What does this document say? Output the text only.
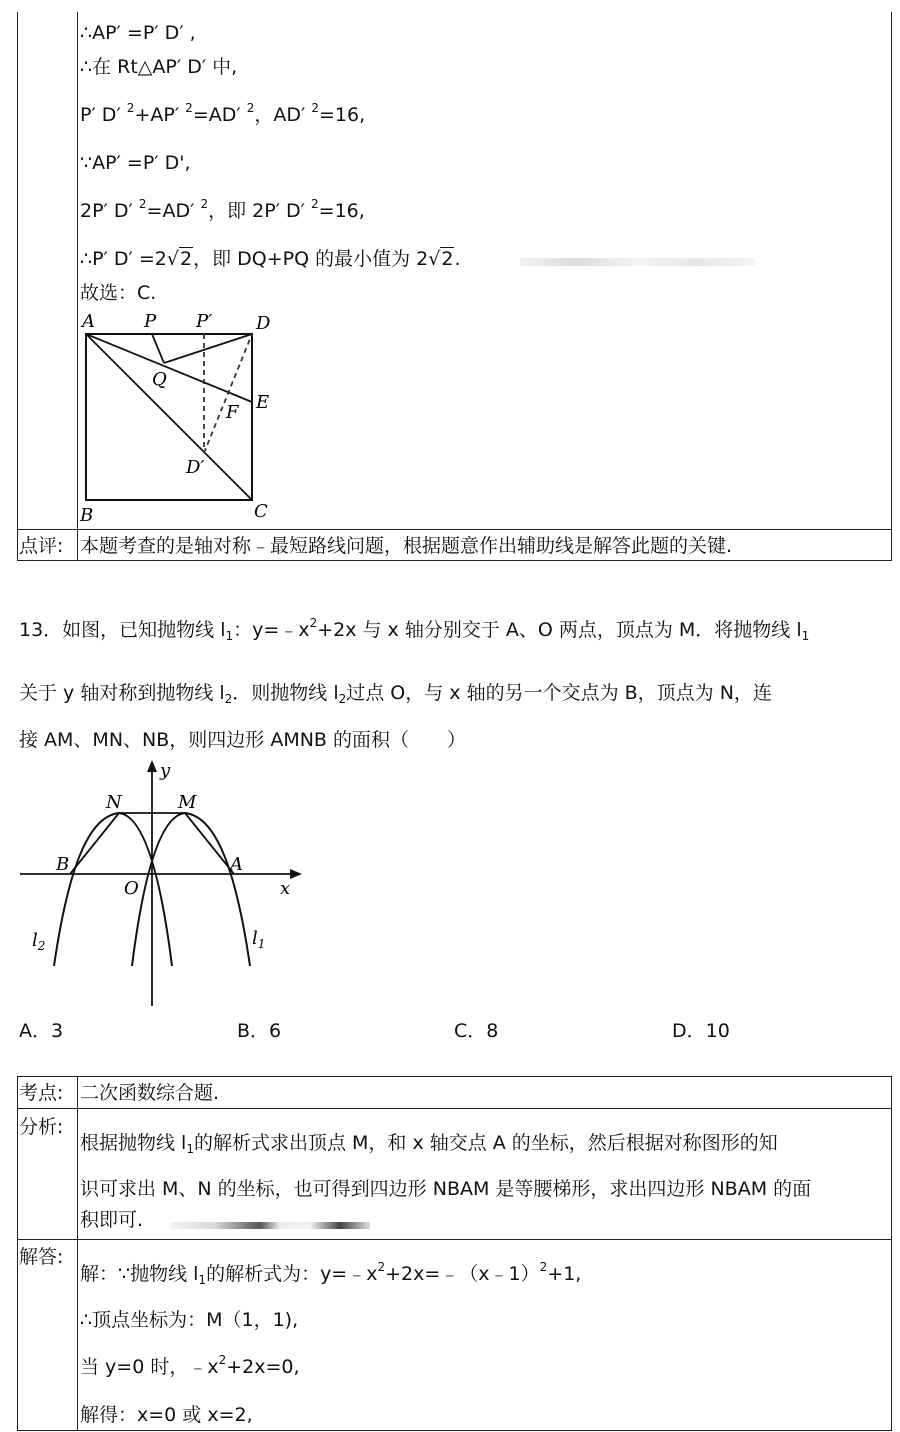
∴AP′ =P′ D′ ,
∴在 Rt△AP′ D′ 中,
P′ D′ $^2$+AP′ $^2$=AD′ $^2$，AD′ $^2$=16,
∵AP′ =P′ D',
2P′ D′ $^2$=AD′ $^2$，即 2P′ D′ $^2$=16,
∴P′ D′ =2√2，即 DQ+PQ 的最小值为 2√2.
故选：C.
A	P P′ D
Q
E
F
D′
B	C
点评: 本题考查的是轴对称﹣最短路线问题，根据题意作出辅助线是解答此题的关键.
13．如图，已知抛物线 $l_1$：$y=﹣x^2+2x$ 与 x 轴分别交于 A、O 两点，顶点为 M．将抛物线 $l_1$
关于 y 轴对称到抛物线 $l_2$．则抛物线 $l_2$过点 O，与 x 轴的另一个交点为 B，顶点为 N，连
接 AM、MN、NB，则四边形 AMNB 的面积（　　）
y
x
N	M
B
O
A
$l_2$	$l_1$
A．3	B．6	C．8	D．10
考点: 二次函数综合题.
分析:
根据抛物线 $l_1$的解析式求出顶点 M，和 x 轴交点 A 的坐标，然后根据对称图形的知
识可求出 M、N 的坐标，也可得到四边形 NBAM 是等腰梯形，求出四边形 NBAM 的面
积即可.
解答:
解：∵抛物线 $l_1$的解析式为：$y=﹣x^2+2x=﹣(x﹣1)^2+1$,
∴顶点坐标为：M（1，1),
当 y=0 时，$﹣x^2+2x=0$,
解得：x=0 或 x=2,
